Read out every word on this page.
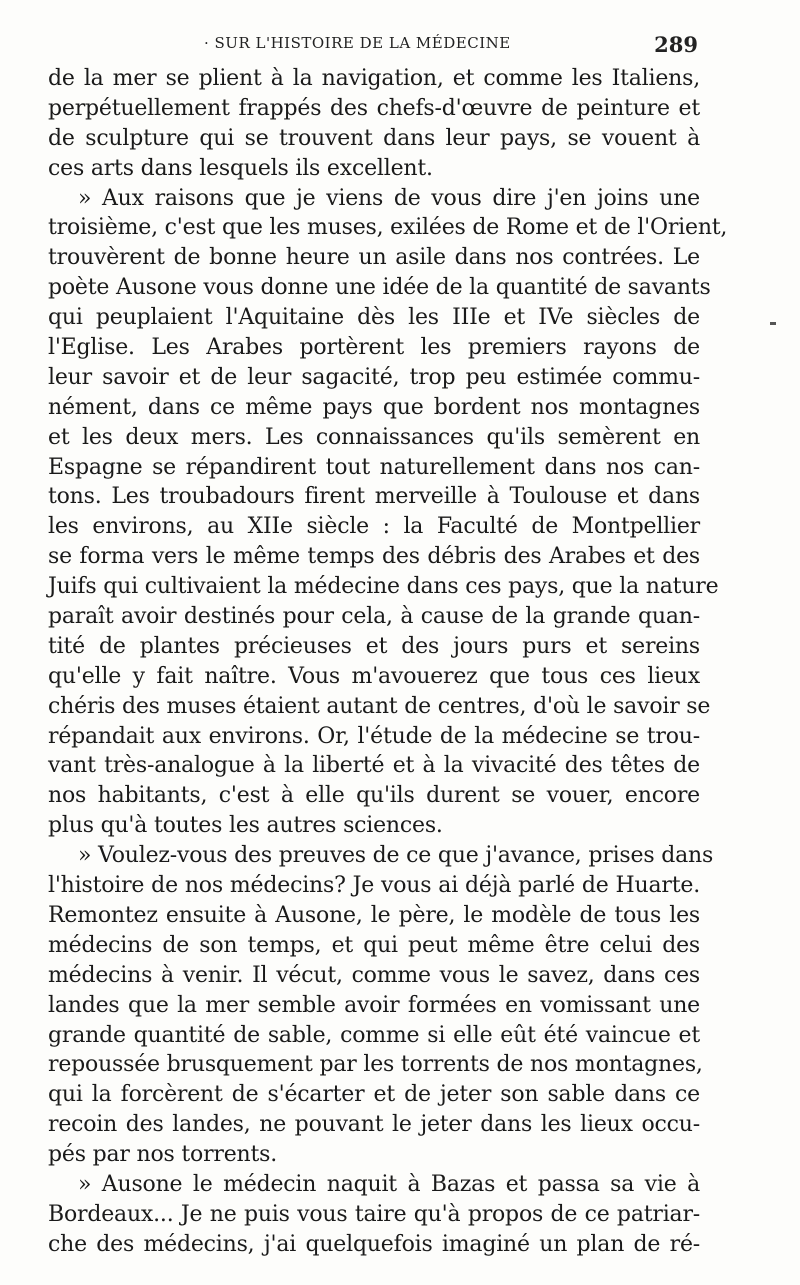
· SUR L'HISTOIRE DE LA MÉDECINE	289
de la mer se plient à la navigation, et comme les Italiens,
perpétuellement frappés des chefs-d'œuvre de peinture et
de sculpture qui se trouvent dans leur pays, se vouent à
ces arts dans lesquels ils excellent.
» Aux raisons que je viens de vous dire j'en joins une
troisième, c'est que les muses, exilées de Rome et de l'Orient,
trouvèrent de bonne heure un asile dans nos contrées. Le
poète Ausone vous donne une idée de la quantité de savants
qui peuplaient l'Aquitaine dès les IIIe et IVe siècles de
l'Eglise. Les Arabes portèrent les premiers rayons de
leur savoir et de leur sagacité, trop peu estimée commu-
nément, dans ce même pays que bordent nos montagnes
et les deux mers. Les connaissances qu'ils semèrent en
Espagne se répandirent tout naturellement dans nos can-
tons. Les troubadours firent merveille à Toulouse et dans
les environs, au XIIe siècle : la Faculté de Montpellier
se forma vers le même temps des débris des Arabes et des
Juifs qui cultivaient la médecine dans ces pays, que la nature
paraît avoir destinés pour cela, à cause de la grande quan-
tité de plantes précieuses et des jours purs et sereins
qu'elle y fait naître. Vous m'avouerez que tous ces lieux
chéris des muses étaient autant de centres, d'où le savoir se
répandait aux environs. Or, l'étude de la médecine se trou-
vant très-analogue à la liberté et à la vivacité des têtes de
nos habitants, c'est à elle qu'ils durent se vouer, encore
plus qu'à toutes les autres sciences.
» Voulez-vous des preuves de ce que j'avance, prises dans
l'histoire de nos médecins? Je vous ai déjà parlé de Huarte.
Remontez ensuite à Ausone, le père, le modèle de tous les
médecins de son temps, et qui peut même être celui des
médecins à venir. Il vécut, comme vous le savez, dans ces
landes que la mer semble avoir formées en vomissant une
grande quantité de sable, comme si elle eût été vaincue et
repoussée brusquement par les torrents de nos montagnes,
qui la forcèrent de s'écarter et de jeter son sable dans ce
recoin des landes, ne pouvant le jeter dans les lieux occu-
pés par nos torrents.
» Ausone le médecin naquit à Bazas et passa sa vie à
Bordeaux... Je ne puis vous taire qu'à propos de ce patriar-
che des médecins, j'ai quelquefois imaginé un plan de ré-
